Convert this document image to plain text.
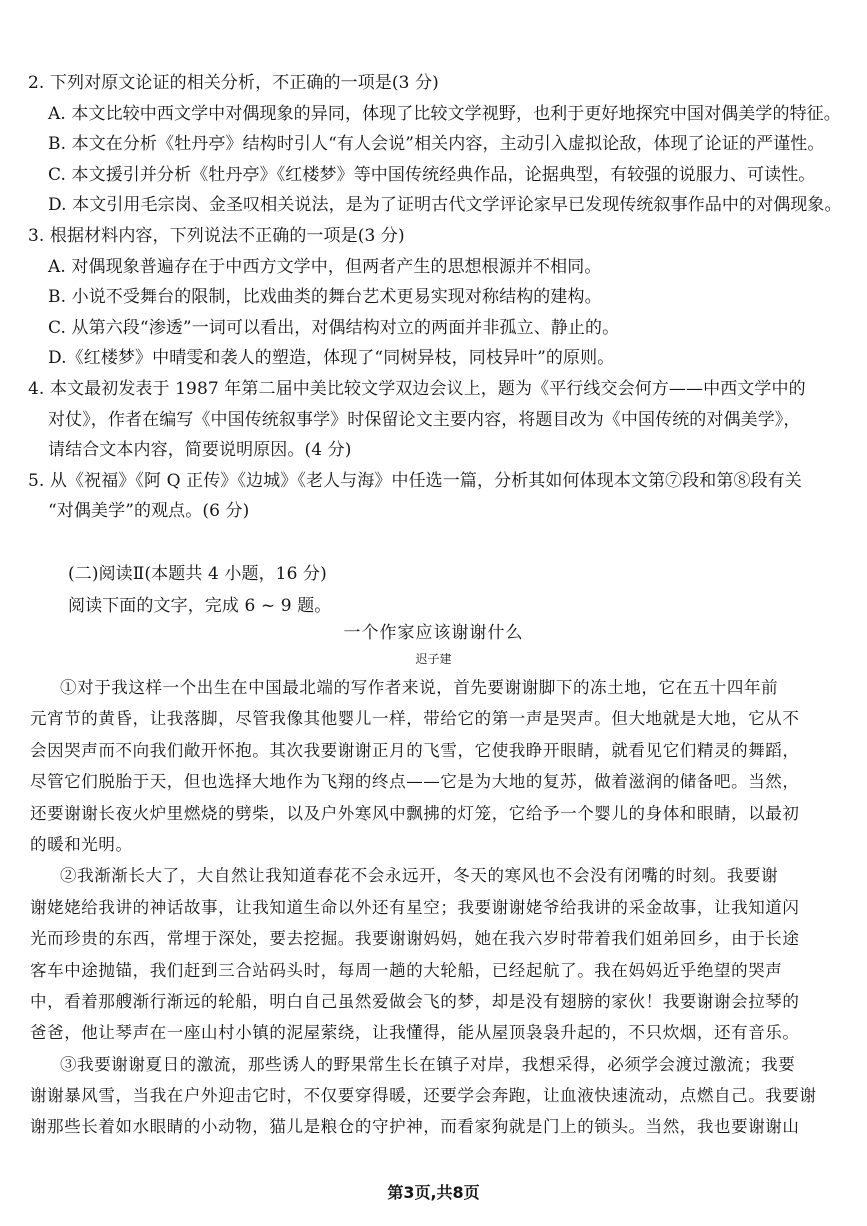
2. 下列对原文论证的相关分析，不正确的一项是(3 分)
A. 本文比较中西文学中对偶现象的异同，体现了比较文学视野，也利于更好地探究中国对偶美学的特征。
B. 本文在分析《牡丹亭》结构时引人“有人会说”相关内容，主动引入虚拟论敌，体现了论证的严谨性。
C. 本文援引并分析《牡丹亭》《红楼梦》等中国传统经典作品，论据典型，有较强的说服力、可读性。
D. 本文引用毛宗岗、金圣叹相关说法，是为了证明古代文学评论家早已发现传统叙事作品中的对偶现象。
3. 根据材料内容，下列说法不正确的一项是(3 分)
A. 对偶现象普遍存在于中西方文学中，但两者产生的思想根源并不相同。
B. 小说不受舞台的限制，比戏曲类的舞台艺术更易实现对称结构的建构。
C. 从第六段“渗透”一词可以看出，对偶结构对立的两面并非孤立、静止的。
D.《红楼梦》中晴雯和袭人的塑造，体现了“同树异枝，同枝异叶”的原则。
4. 本文最初发表于 1987 年第二届中美比较文学双边会议上，题为《平行线交会何方——中西文学中的
对仗》，作者在编写《中国传统叙事学》时保留论文主要内容，将题目改为《中国传统的对偶美学》，
请结合文本内容，简要说明原因。(4 分)
5. 从《祝福》《阿 Q 正传》《边城》《老人与海》中任选一篇，分析其如何体现本文第⑦段和第⑧段有关
“对偶美学”的观点。(6 分)
(二)阅读Ⅱ(本题共 4 小题，16 分)
阅读下面的文字，完成 6 ~ 9 题。
一个作家应该谢谢什么
迟子建
①对于我这样一个出生在中国最北端的写作者来说，首先要谢谢脚下的冻土地，它在五十四年前
元宵节的黄昏，让我落脚，尽管我像其他婴儿一样，带给它的第一声是哭声。但大地就是大地，它从不
会因哭声而不向我们敞开怀抱。其次我要谢谢正月的飞雪，它使我睁开眼睛，就看见它们精灵的舞蹈，
尽管它们脱胎于天，但也选择大地作为飞翔的终点——它是为大地的复苏，做着滋润的储备吧。当然，
还要谢谢长夜火炉里燃烧的劈柴，以及户外寒风中飘拂的灯笼，它给予一个婴儿的身体和眼睛，以最初
的暖和光明。
②我渐渐长大了，大自然让我知道春花不会永远开，冬天的寒风也不会没有闭嘴的时刻。我要谢
谢姥姥给我讲的神话故事，让我知道生命以外还有星空；我要谢谢姥爷给我讲的采金故事，让我知道闪
光而珍贵的东西，常埋于深处，要去挖掘。我要谢谢妈妈，她在我六岁时带着我们姐弟回乡，由于长途
客车中途抛锚，我们赶到三合站码头时，每周一趟的大轮船，已经起航了。我在妈妈近乎绝望的哭声
中，看着那艘渐行渐远的轮船，明白自己虽然爱做会飞的梦，却是没有翅膀的家伙！我要谢谢会拉琴的
爸爸，他让琴声在一座山村小镇的泥屋萦绕，让我懂得，能从屋顶袅袅升起的，不只炊烟，还有音乐。
③我要谢谢夏日的激流，那些诱人的野果常生长在镇子对岸，我想采得，必须学会渡过激流；我要
谢谢暴风雪，当我在户外迎击它时，不仅要穿得暖，还要学会奔跑，让血液快速流动，点燃自己。我要谢
谢那些长着如水眼睛的小动物，猫儿是粮仓的守护神，而看家狗就是门上的锁头。当然，我也要谢谢山
第3页,共8页
